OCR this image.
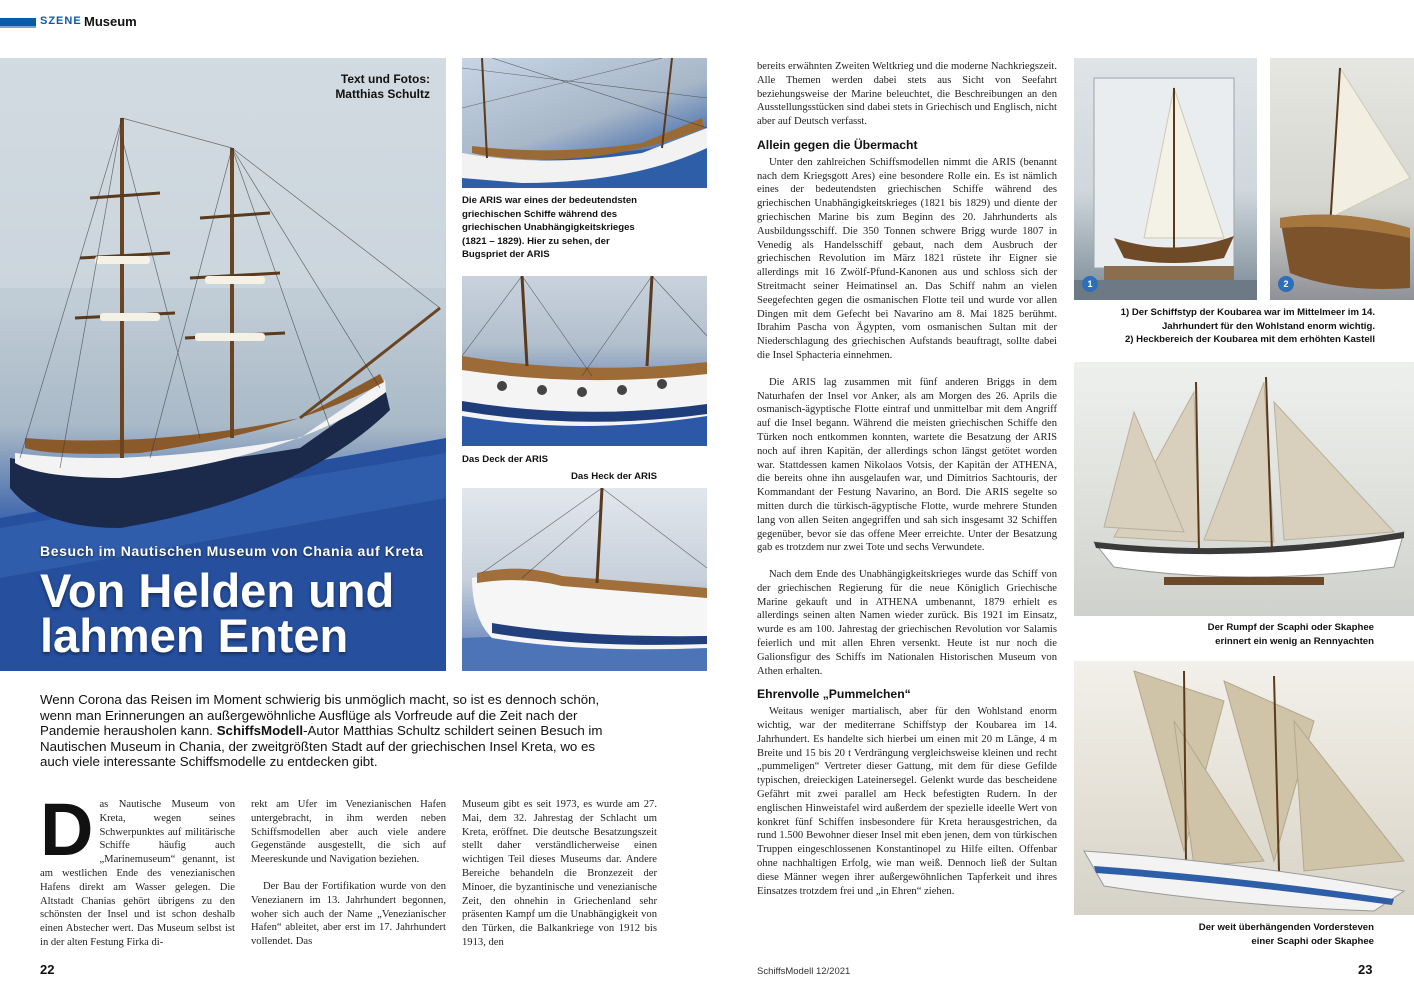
SZENE Museum
Text und Fotos:
Matthias Schultz
Besuch im Nautischen Museum von Chania auf Kreta
Von Helden und
lahmen Enten
Die ARIS war eines der bedeutendsten griechischen Schiffe während des griechischen Unabhängigkeitskrieges (1821 – 1829). Hier zu sehen, der Bugspriet der ARIS
Das Deck der ARIS
Das Heck der ARIS
Wenn Corona das Reisen im Moment schwierig bis unmöglich macht, so ist es dennoch schön, wenn man Erinnerungen an außergewöhnliche Ausflüge als Vorfreude auf die Zeit nach der Pandemie herausholen kann. SchiffsModell-Autor Matthias Schultz schildert seinen Besuch im Nautischen Museum in Chania, der zweitgrößten Stadt auf der griechischen Insel Kreta, wo es auch viele interessante Schiffsmodelle zu entdecken gibt.
D as Nautische Museum von Kreta, wegen seines Schwerpunktes auf militärische Schiffe häufig auch „Marinemuseum“ genannt, ist am westlichen Ende des venezianischen Hafens direkt am Wasser gelegen. Die Altstadt Chanias gehört übrigens zu den schönsten der Insel und ist schon deshalb einen Abstecher wert. Das Museum selbst ist in der alten Festung Firka di-

rekt am Ufer im Venezianischen Hafen untergebracht, in ihm werden neben Schiffsmodellen aber auch viele andere Gegenstände ausgestellt, die sich auf Meereskunde und Navigation beziehen.

Der Bau der Fortifikation wurde von den Venezianern im 13. Jahrhundert begonnen, woher sich auch der Name „Venezianischer Hafen“ ableitet, aber erst im 17. Jahrhundert vollendet. Das

Museum gibt es seit 1973, es wurde am 27. Mai, dem 32. Jahrestag der Schlacht um Kreta, eröffnet. Die deutsche Besatzungszeit stellt daher verständlicherweise einen wichtigen Teil dieses Museums dar. Andere Bereiche behandeln die Bronzezeit der Minoer, die byzantinische und venezianische Zeit, den ohnehin in Griechenland sehr präsenten Kampf um die Unabhängigkeit von den Türken, die Balkankriege von 1912 bis 1913, den

bereits erwähnten Zweiten Weltkrieg und die moderne Nachkriegszeit. Alle Themen werden dabei stets aus Sicht von Seefahrt beziehungsweise der Marine beleuchtet, die Beschreibungen an den Ausstellungsstücken sind dabei stets in Griechisch und Englisch, nicht aber auf Deutsch verfasst.

Allein gegen die Übermacht

Unter den zahlreichen Schiffsmodellen nimmt die ARIS (benannt nach dem Kriegsgott Ares) eine besondere Rolle ein. Es ist nämlich eines der bedeutendsten griechischen Schiffe während des griechischen Unabhängigkeitskrieges (1821 bis 1829) und diente der griechischen Marine bis zum Beginn des 20. Jahrhunderts als Ausbildungsschiff. Die 350 Tonnen schwere Brigg wurde 1807 in Venedig als Handelsschiff gebaut, nach dem Ausbruch der griechischen Revolution im März 1821 rüstete ihr Eigner sie allerdings mit 16 Zwölf-Pfund-Kanonen aus und schloss sich der Streitmacht seiner Heimatinsel an. Das Schiff nahm an vielen Seegefechten gegen die osmanischen Flotte teil und wurde vor allen Dingen mit dem Gefecht bei Navarino am 8. Mai 1825 berühmt. Ibrahim Pascha von Ägypten, vom osmanischen Sultan mit der Niederschlagung des griechischen Aufstands beauftragt, sollte dabei die Insel Sphacteria einnehmen.

Die ARIS lag zusammen mit fünf anderen Briggs in dem Naturhafen der Insel vor Anker, als am Morgen des 26. Aprils die osmanisch-ägyptische Flotte eintraf und unmittelbar mit dem Angriff auf die Insel begann. Während die meisten griechischen Schiffe den Türken noch entkommen konnten, wartete die Besatzung der ARIS noch auf ihren Kapitän, der allerdings schon längst getötet worden war. Stattdessen kamen Nikolaos Votsis, der Kapitän der ATHENA, die bereits ohne ihn ausgelaufen war, und Dimitrios Sachtouris, der Kommandant der Festung Navarino, an Bord. Die ARIS segelte so mitten durch die türkisch-ägyptische Flotte, wurde mehrere Stunden lang von allen Seiten angegriffen und sah sich insgesamt 32 Schiffen gegenüber, bevor sie das offene Meer erreichte. Unter der Besatzung gab es trotzdem nur zwei Tote und sechs Verwundete.

Nach dem Ende des Unabhängigkeitskrieges wurde das Schiff von der griechischen Regierung für die neue Königlich Griechische Marine gekauft und in ATHENA umbenannt, 1879 erhielt es allerdings seinen alten Namen wieder zurück. Bis 1921 im Einsatz, wurde es am 100. Jahrestag der griechischen Revolution vor Salamis feierlich und mit allen Ehren versenkt. Heute ist nur noch die Galionsfigur des Schiffs im Nationalen Historischen Museum von Athen erhalten.

Ehrenvolle „Pummelchen“

Weitaus weniger martialisch, aber für den Wohlstand enorm wichtig, war der mediterrane Schiffstyp der Koubarea im 14. Jahrhundert. Es handelte sich hierbei um einen mit 20 m Länge, 4 m Breite und 15 bis 20 t Verdrängung vergleichsweise kleinen und recht „pummeligen“ Vertreter dieser Gattung, mit dem für diese Gefilde typischen, dreieckigen Lateinersegel. Gelenkt wurde das bescheidene Gefährt mit zwei parallel am Heck befestigten Rudern. In der englischen Hinweistafel wird außerdem der spezielle ideelle Wert von konkret fünf Schiffen insbesondere für Kreta herausgestrichen, da rund 1.500 Bewohner dieser Insel mit eben jenen, dem von türkischen Truppen eingeschlossenen Konstantinopel zu Hilfe eilten. Offenbar ohne nachhaltigen Erfolg, wie man weiß. Dennoch ließ der Sultan diese Männer wegen ihrer außergewöhnlichen Tapferkeit und ihres Einsatzes trotzdem frei und „in Ehren“ ziehen.

1	2
1) Der Schiffstyp der Koubarea war im Mittelmeer im 14. Jahrhundert für den Wohlstand enorm wichtig.
2) Heckbereich der Koubarea mit dem erhöhten Kastell
Der Rumpf der Scaphi oder Skaphee erinnert ein wenig an Rennyachten
Der weit überhängenden Vordersteven einer Scaphi oder Skaphee
22	SchiffsModell 12/2021	23
